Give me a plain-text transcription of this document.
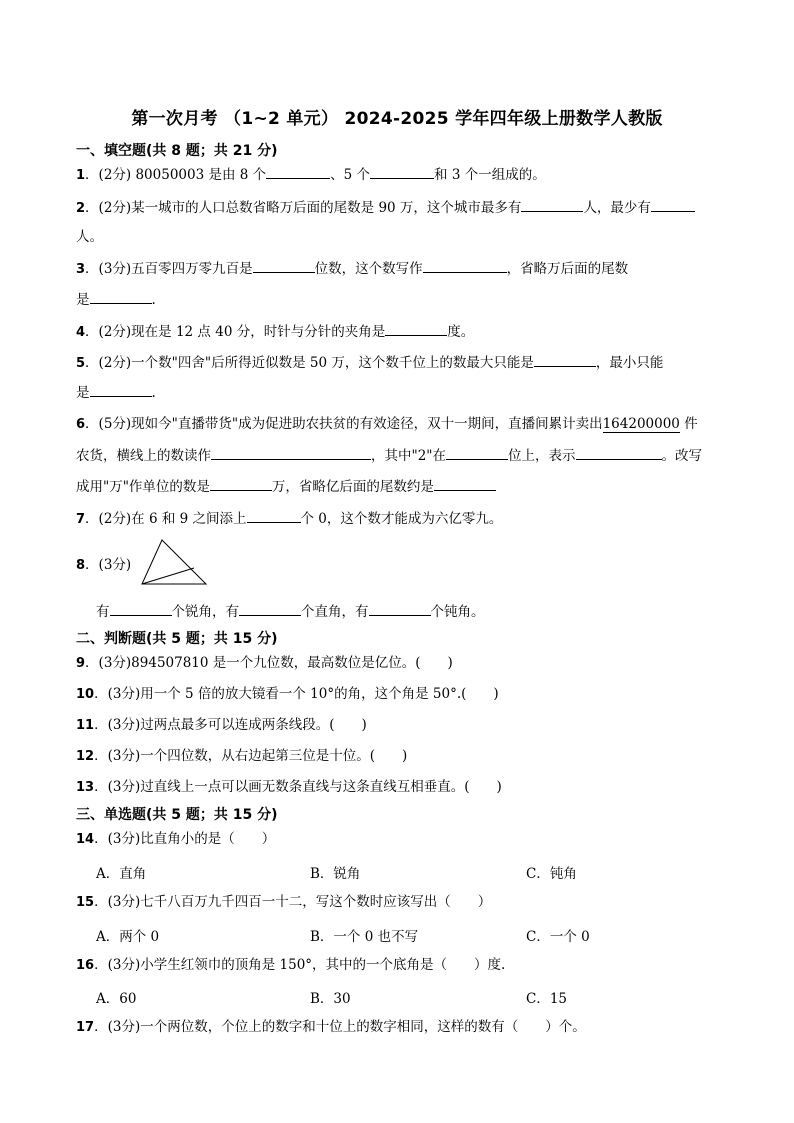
第一次月考 （1~2 单元） 2024-2025 学年四年级上册数学人教版
一、填空题(共 8 题；共 21 分)
1．(2分) 80050003 是由 8 个	、5 个	和 3 个一组成的。
2．(2分)某一城市的人口总数省略万后面的尾数是 90 万，这个城市最多有	人，最少有
人。
3．(3分)五百零四万零九百是	位数，这个数写作	，省略万后面的尾数
是	.
4．(2分)现在是 12 点 40 分，时针与分针的夹角是	度。
5．(2分)一个数"四舍"后所得近似数是 50 万，这个数千位上的数最大只能是	，最小只能
是	.
6．(5分)现如今"直播带货"成为促进助农扶贫的有效途径，双十一期间，直播间累计卖出164200000 件
农货，横线上的数读作	，其中"2"在	位上，表示	。改写
成用"万"作单位的数是	万，省略亿后面的尾数约是
7．(2分)在 6 和 9 之间添上	个 0，这个数才能成为六亿零九。
8．(3分)
有	个锐角，有	个直角，有	个钝角。
二、判断题(共 5 题；共 15 分)
9．(3分)894507810 是一个九位数，最高数位是亿位。(　　)
10．(3分)用一个 5 倍的放大镜看一个 10°的角，这个角是 50°.(　　)
11．(3分)过两点最多可以连成两条线段。(　　)
12．(3分)一个四位数，从右边起第三位是十位。(　　)
13．(3分)过直线上一点可以画无数条直线与这条直线互相垂直。(　　)
三、单选题(共 5 题；共 15 分)
14．(3分)比直角小的是（　　）
A．直角	B．锐角	C．钝角
15．(3分)七千八百万九千四百一十二，写这个数时应该写出（　　）
A．两个 0	B．一个 0 也不写	C．一个 0
16．(3分)小学生红领巾的顶角是 150°，其中的一个底角是（　　）度.
A．60	B．30	C．15
17．(3分)一个两位数，个位上的数字和十位上的数字相同，这样的数有（　　）个。
